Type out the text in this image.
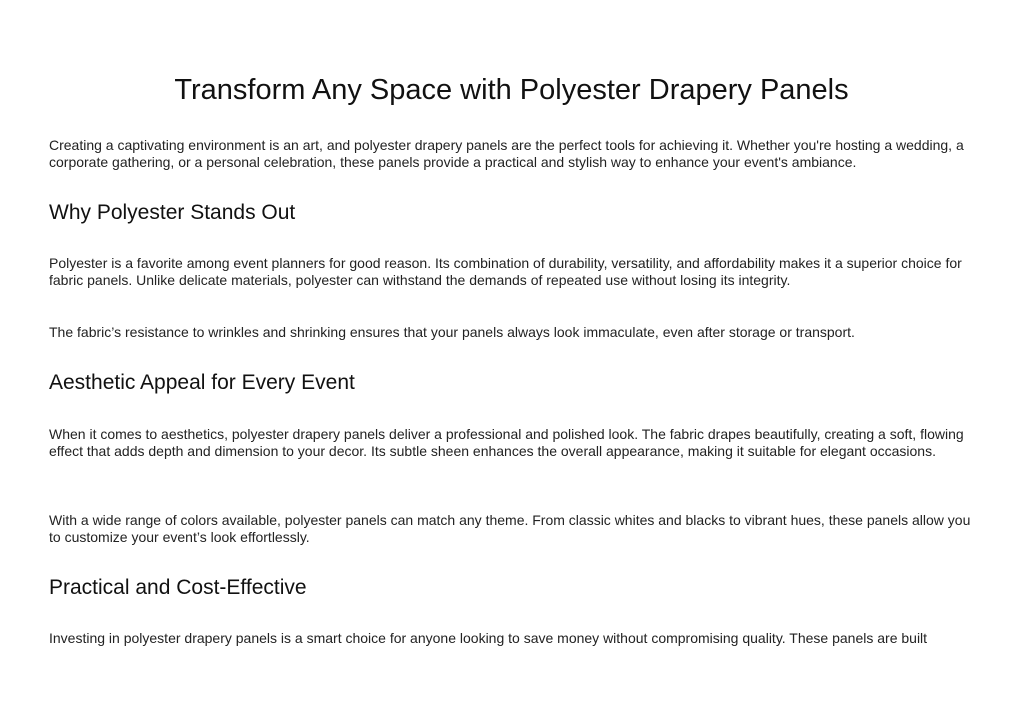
Transform Any Space with Polyester Drapery Panels

Creating a captivating environment is an art, and polyester drapery panels are the perfect tools for achieving it. Whether you're hosting a wedding, a corporate gathering, or a personal celebration, these panels provide a practical and stylish way to enhance your event's ambiance.

Why Polyester Stands Out

Polyester is a favorite among event planners for good reason. Its combination of durability, versatility, and affordability makes it a superior choice for fabric panels. Unlike delicate materials, polyester can withstand the demands of repeated use without losing its integrity.

The fabric’s resistance to wrinkles and shrinking ensures that your panels always look immaculate, even after storage or transport.

Aesthetic Appeal for Every Event

When it comes to aesthetics, polyester drapery panels deliver a professional and polished look. The fabric drapes beautifully, creating a soft, flowing effect that adds depth and dimension to your decor. Its subtle sheen enhances the overall appearance, making it suitable for elegant occasions.

With a wide range of colors available, polyester panels can match any theme. From classic whites and blacks to vibrant hues, these panels allow you to customize your event’s look effortlessly.

Practical and Cost-Effective

Investing in polyester drapery panels is a smart choice for anyone looking to save money without compromising quality. These panels are built
